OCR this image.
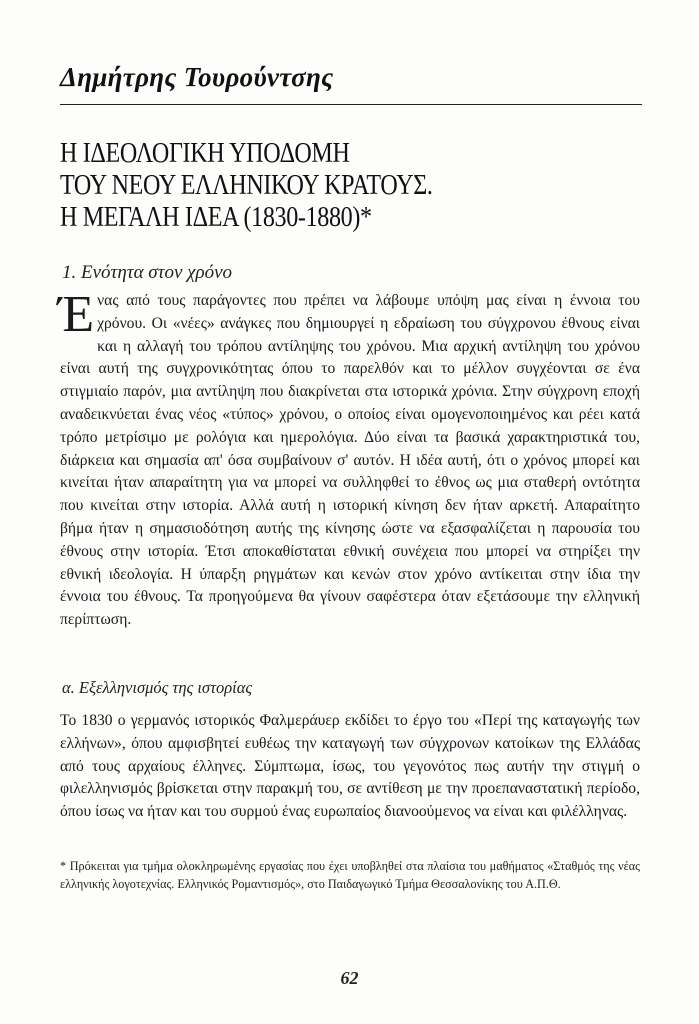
Δημήτρης Τουρούντσης
Η ΙΔΕΟΛΟΓΙΚΗ ΥΠΟΔΟΜΗ
ΤΟΥ ΝΕΟΥ ΕΛΛΗΝΙΚΟΥ ΚΡΑΤΟΥΣ.
Η ΜΕΓΑΛΗ ΙΔΕΑ (1830-1880)*
1. Ενότητα στον χρόνο

Ένας από τους παράγοντες που πρέπει να λάβουμε υπόψη μας είναι η έννοια του χρόνου. Οι «νέες» ανάγκες που δημιουργεί η εδραίωση του σύγχρονου έθνους είναι και η αλλαγή του τρόπου αντίληψης του χρόνου. Μια αρχική αντίληψη του χρόνου είναι αυτή της συγχρονικότητας όπου το παρελθόν και το μέλλον συγχέονται σε ένα στιγμιαίο παρόν, μια αντίληψη που διακρίνεται στα ιστορικά χρόνια. Στην σύγχρονη εποχή αναδεικνύεται ένας νέος «τύπος» χρόνου, ο οποίος είναι ομογενοποιημένος και ρέει κατά τρόπο μετρίσιμο με ρολόγια και ημερολόγια. Δύο είναι τα βασικά χαρακτηριστικά του, διάρκεια και σημασία απ' όσα συμβαίνουν σ' αυτόν. Η ιδέα αυτή, ότι ο χρόνος μπορεί και κινείται ήταν απαραίτητη για να μπορεί να συλληφθεί το έθνος ως μια σταθερή οντότητα που κινείται στην ιστορία. Αλλά αυτή η ιστορική κίνηση δεν ήταν αρκετή. Απαραίτητο βήμα ήταν η σημασιοδότηση αυτής της κίνησης ώστε να εξασφαλίζεται η παρουσία του έθνους στην ιστορία. Έτσι αποκαθίσταται εθνική συνέχεια που μπορεί να στηρίξει την εθνική ιδεολογία. Η ύπαρξη ρηγμάτων και κενών στον χρόνο αντίκειται στην ίδια την έννοια του έθνους. Τα προηγούμενα θα γίνουν σαφέστερα όταν εξετάσουμε την ελληνική περίπτωση.

α. Εξελληνισμός της ιστορίας

Το 1830 ο γερμανός ιστορικός Φαλμεράυερ εκδίδει το έργο του «Περί της καταγωγής των ελλήνων», όπου αμφισβητεί ευθέως την καταγωγή των σύγχρονων κατοίκων της Ελλάδας από τους αρχαίους έλληνες. Σύμπτωμα, ίσως, του γεγονότος πως αυτήν την στιγμή ο φιλελληνισμός βρίσκεται στην παρακμή του, σε αντίθεση με την προεπαναστατική περίοδο, όπου ίσως να ήταν και του συρμού ένας ευρωπαίος διανοούμενος να είναι και φιλέλληνας.

* Πρόκειται για τμήμα ολοκληρωμένης εργασίας που έχει υποβληθεί στα πλαίσια του μαθήματος «Σταθμός της νέας ελληνικής λογοτεχνίας. Ελληνικός Ρομαντισμός», στο Παιδαγωγικό Τμήμα Θεσσαλονίκης του Α.Π.Θ.

62
